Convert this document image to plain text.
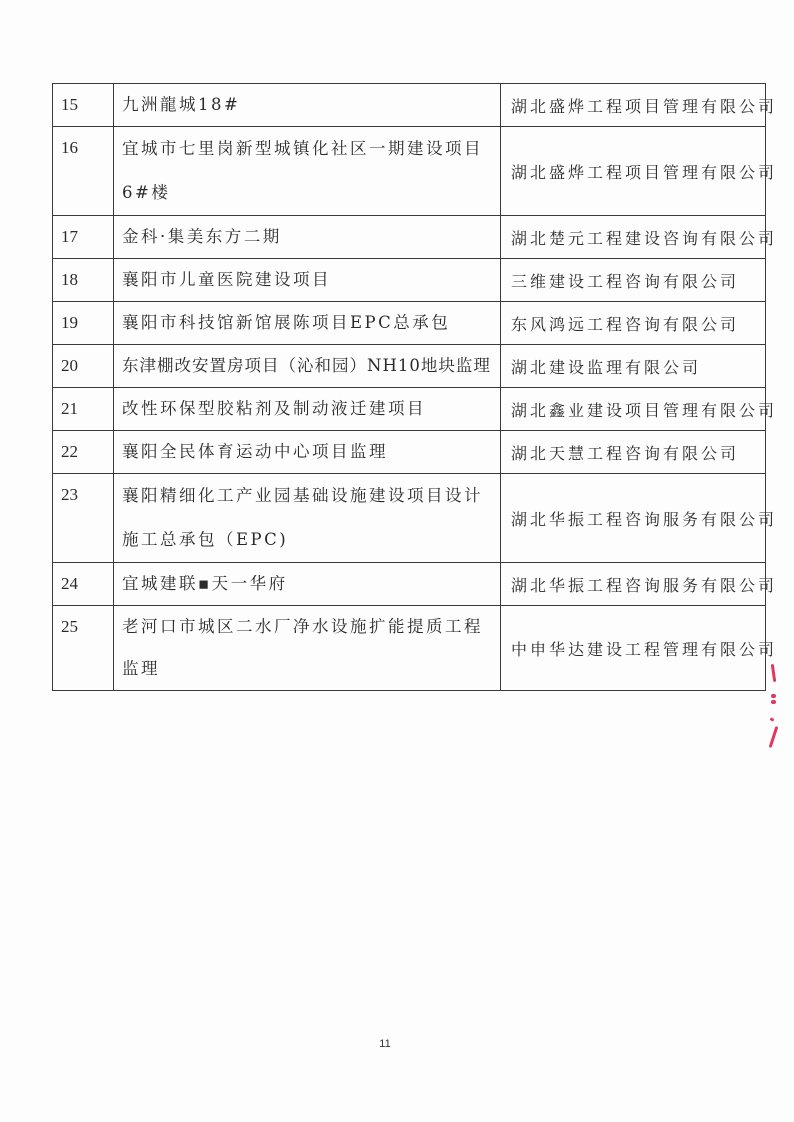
15	九洲龍城18#	湖北盛烨工程项目管理有限公司

16	宜城市七里岗新型城镇化社区一期建设项目
6#楼	湖北盛烨工程项目管理有限公司

17	金科·集美东方二期	湖北楚元工程建设咨询有限公司

18	襄阳市儿童医院建设项目	三维建设工程咨询有限公司

19	襄阳市科技馆新馆展陈项目EPC总承包	东风鸿远工程咨询有限公司

20	东津棚改安置房项目（沁和园）NH10地块监理	湖北建设监理有限公司

21	改性环保型胶粘剂及制动液迁建项目	湖北鑫业建设项目管理有限公司

22	襄阳全民体育运动中心项目监理	湖北天慧工程咨询有限公司

23	襄阳精细化工产业园基础设施建设项目设计
施工总承包（EPC)	湖北华振工程咨询服务有限公司

24	宜城建联▪天一华府	湖北华振工程咨询服务有限公司

25	老河口市城区二水厂净水设施扩能提质工程
监理	中申华达建设工程管理有限公司
11
